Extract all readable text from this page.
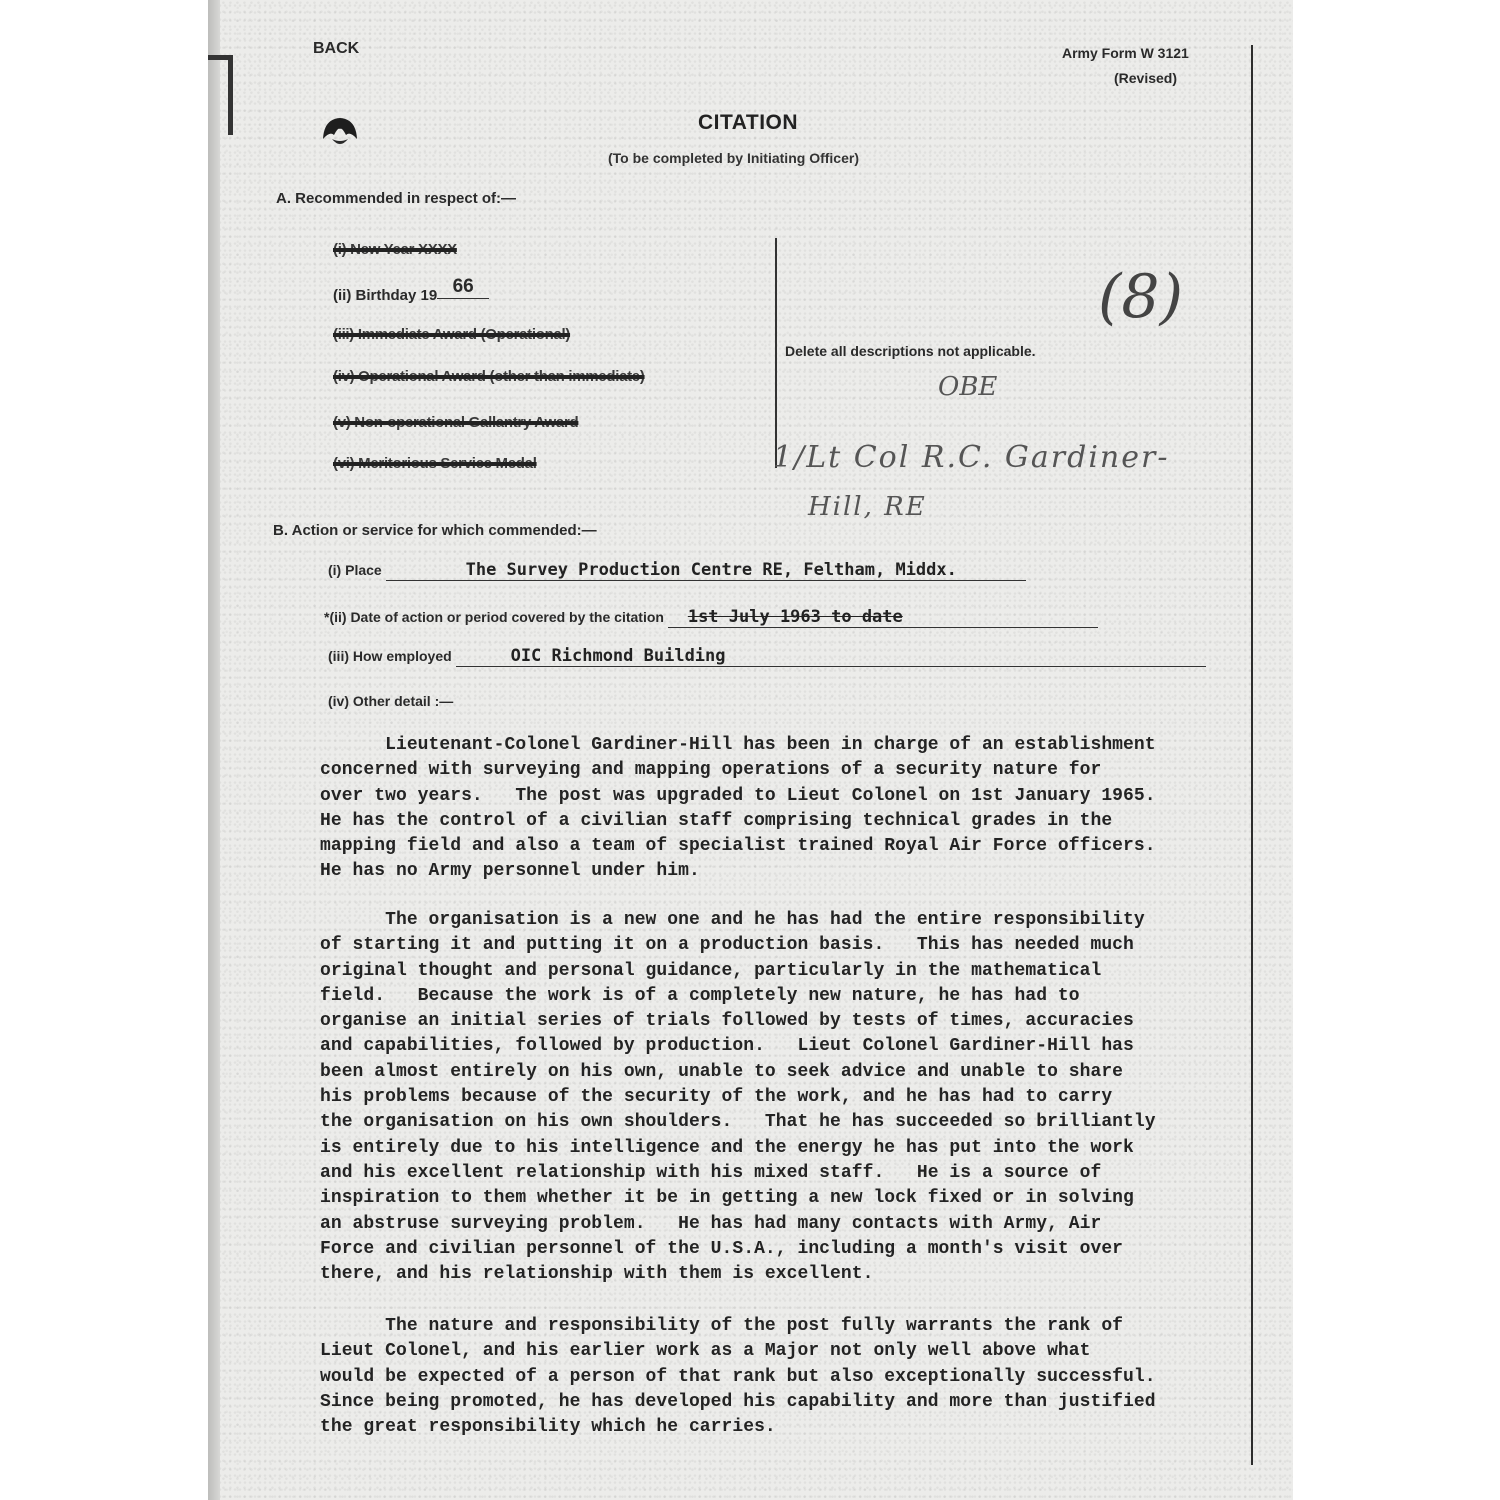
BACK	Army Form W 3121
(Revised)
CITATION
(To be completed by Initiating Officer)
A. Recommended in respect of:—
(i) New Year XXXX
(ii) Birthday 19 66
(iii) Immediate Award (Operational)
(iv) Operational Award (other than immediate)
(v) Non-operational Gallantry Award
(vi) Meritorious Service Medal
Delete all descriptions not applicable.
(8)
OBE
1/Lt Col R.C. Gardiner-
Hill, RE
B. Action or service for which commended:—
(i) Place	The Survey Production Centre RE, Feltham, Middx.
*(ii) Date of action or period covered by the citation 1st July 1963 to date
(iii) How employed	OIC Richmond Building
(iv) Other detail :—
Lieutenant-Colonel Gardiner-Hill has been in charge of an establishment
concerned with surveying and mapping operations of a security nature for
over two years.   The post was upgraded to Lieut Colonel on 1st January 1965.
He has the control of a civilian staff comprising technical grades in the
mapping field and also a team of specialist trained Royal Air Force officers.
He has no Army personnel under him.
The organisation is a new one and he has had the entire responsibility
of starting it and putting it on a production basis.   This has needed much
original thought and personal guidance, particularly in the mathematical
field.   Because the work is of a completely new nature, he has had to
organise an initial series of trials followed by tests of times, accuracies
and capabilities, followed by production.   Lieut Colonel Gardiner-Hill has
been almost entirely on his own, unable to seek advice and unable to share
his problems because of the security of the work, and he has had to carry
the organisation on his own shoulders.   That he has succeeded so brilliantly
is entirely due to his intelligence and the energy he has put into the work
and his excellent relationship with his mixed staff.   He is a source of
inspiration to them whether it be in getting a new lock fixed or in solving
an abstruse surveying problem.   He has had many contacts with Army, Air
Force and civilian personnel of the U.S.A., including a month's visit over
there, and his relationship with them is excellent.
The nature and responsibility of the post fully warrants the rank of
Lieut Colonel, and his earlier work as a Major not only well above what
would be expected of a person of that rank but also exceptionally successful.
Since being promoted, he has developed his capability and more than justified
the great responsibility which he carries.
